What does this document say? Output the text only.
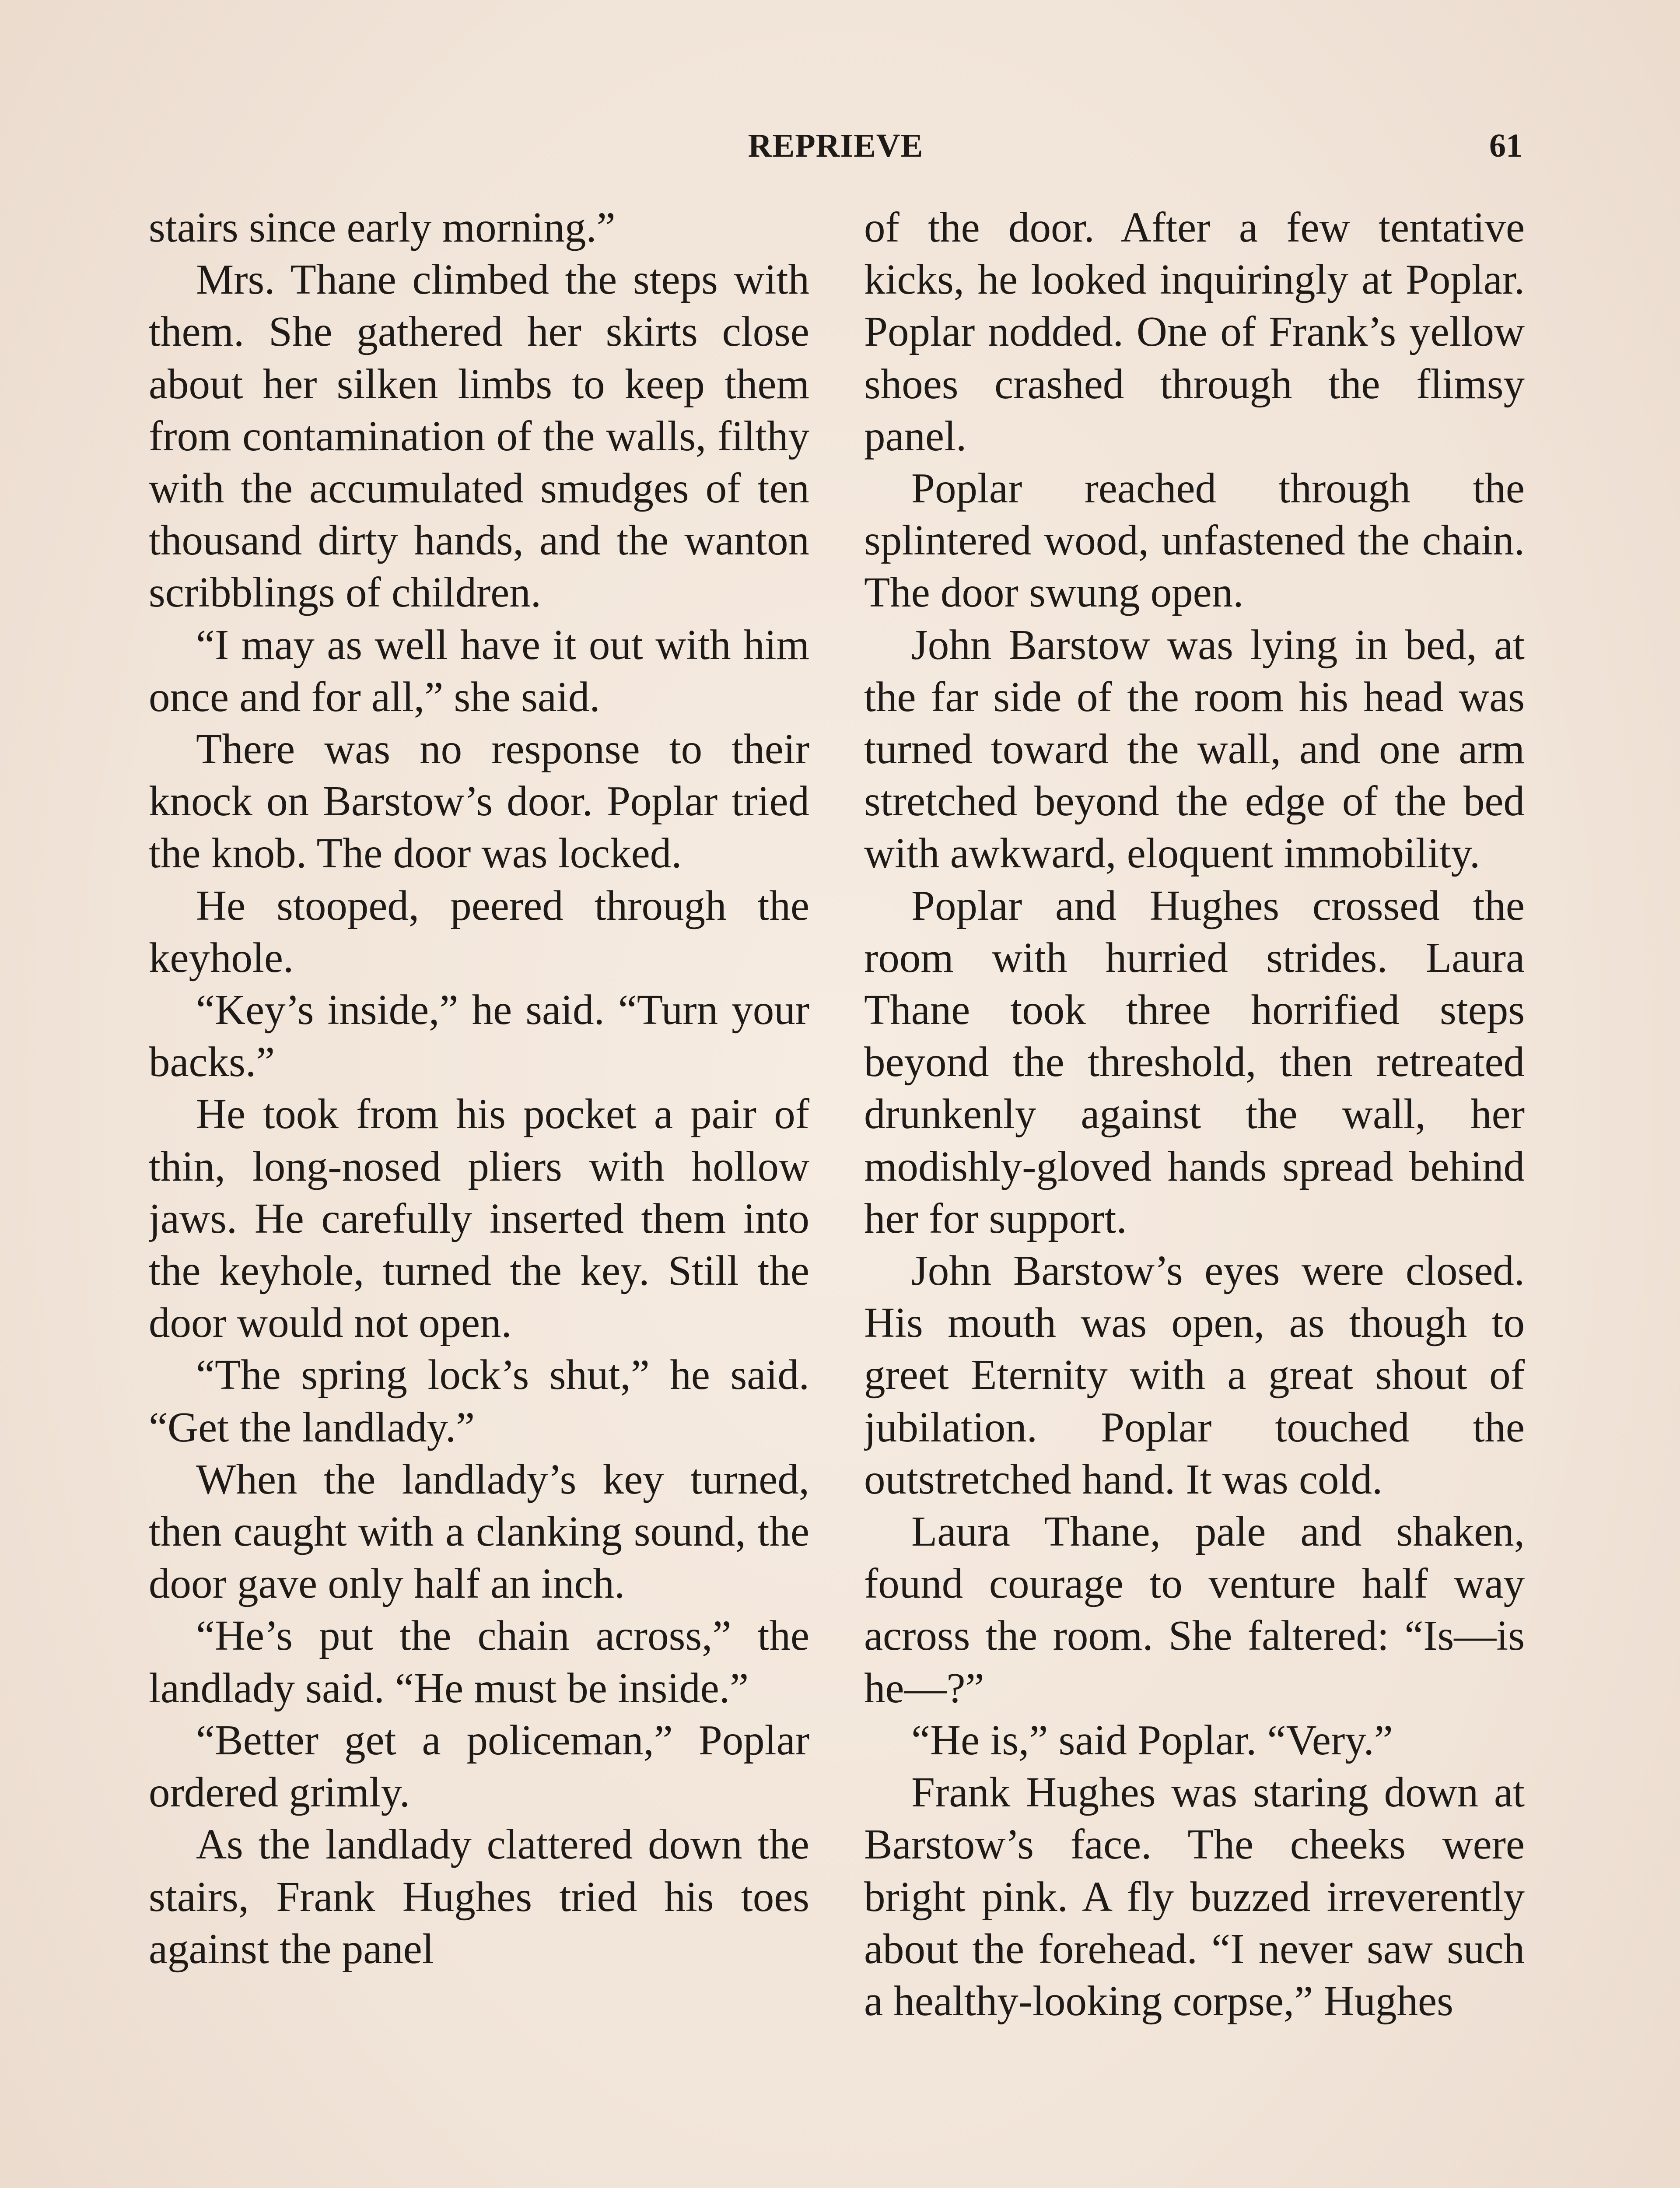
REPRIEVE	61

stairs since early morning.”

Mrs. Thane climbed the steps with them. She gathered her skirts close about her silken limbs to keep them from contamination of the walls, filthy with the accumulated smudges of ten thousand dirty hands, and the wanton scribblings of children.

“I may as well have it out with him once and for all,” she said.

There was no response to their knock on Barstow’s door. Poplar tried the knob. The door was locked.

He stooped, peered through the keyhole.

“Key’s inside,” he said. “Turn your backs.”

He took from his pocket a pair of thin, long-nosed pliers with hollow jaws. He carefully inserted them into the keyhole, turned the key. Still the door would not open.

“The spring lock’s shut,” he said. “Get the landlady.”

When the landlady’s key turned, then caught with a clanking sound, the door gave only half an inch.

“He’s put the chain across,” the landlady said. “He must be inside.”

“Better get a policeman,” Poplar ordered grimly.

As the landlady clattered down the stairs, Frank Hughes tried his toes against the panel

of the door. After a few tentative kicks, he looked inquiringly at Poplar. Poplar nodded. One of Frank’s yellow shoes crashed through the flimsy panel.

Poplar reached through the splintered wood, unfastened the chain. The door swung open.

John Barstow was lying in bed, at the far side of the room his head was turned toward the wall, and one arm stretched beyond the edge of the bed with awkward, eloquent immobility.

Poplar and Hughes crossed the room with hurried strides. Laura Thane took three horrified steps beyond the threshold, then retreated drunkenly against the wall, her modishly-gloved hands spread behind her for support.

John Barstow’s eyes were closed. His mouth was open, as though to greet Eternity with a great shout of jubilation. Poplar touched the outstretched hand. It was cold.

Laura Thane, pale and shaken, found courage to venture half way across the room. She faltered: “Is—is he—?”

“He is,” said Poplar. “Very.”

Frank Hughes was staring down at Barstow’s face. The cheeks were bright pink. A fly buzzed irreverently about the forehead. “I never saw such a healthy-looking corpse,” Hughes
